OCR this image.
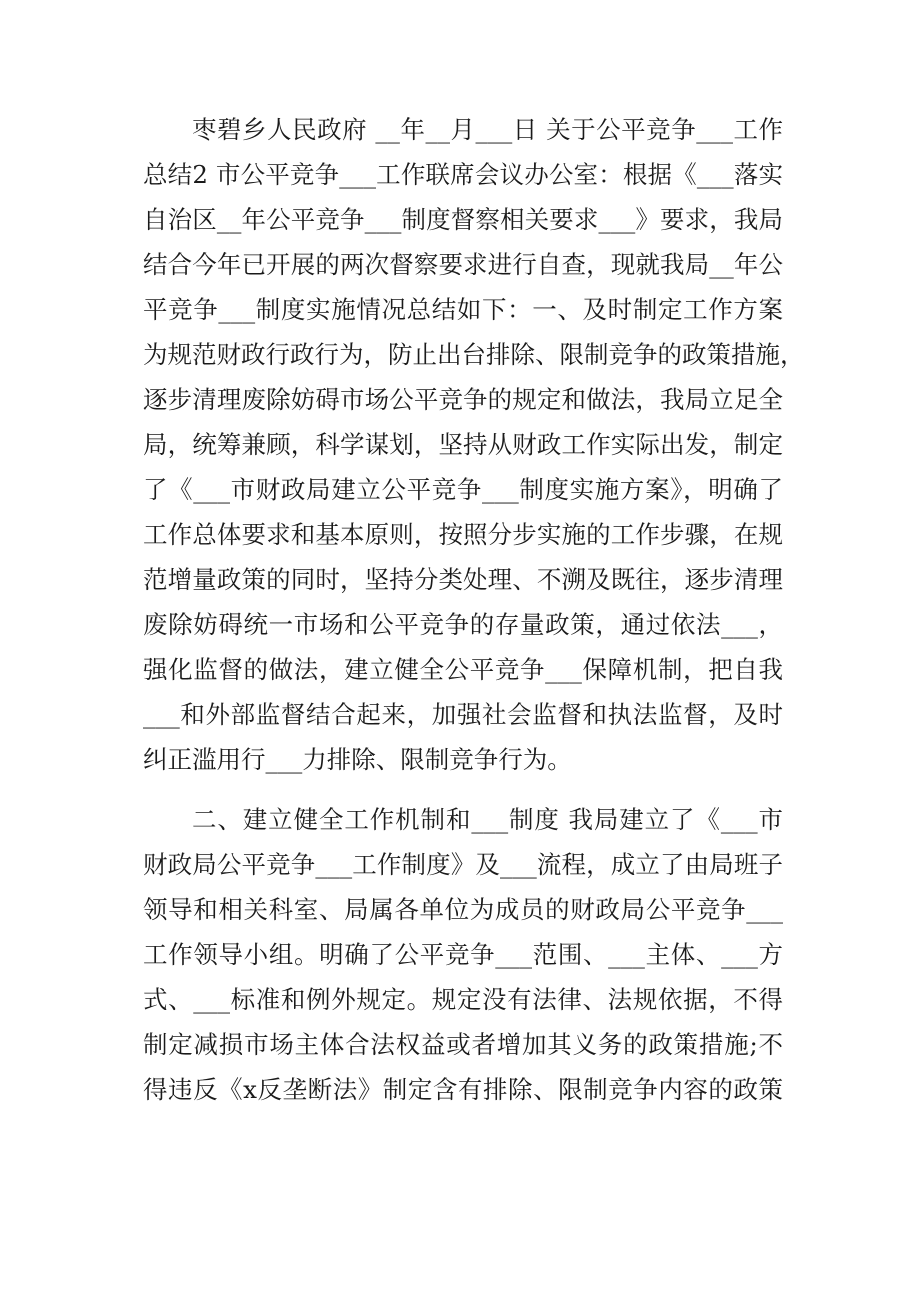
枣碧乡人民政府 __年__月___日 关于公平竞争___工作
总结2 市公平竞争___工作联席会议办公室：根据《___落实
自治区__年公平竞争___制度督察相关要求___》要求，我局
结合今年已开展的两次督察要求进行自查，现就我局__年公
平竞争___制度实施情况总结如下：一、及时制定工作方案
为规范财政行政行为，防止出台排除、限制竞争的政策措施，
逐步清理废除妨碍市场公平竞争的规定和做法，我局立足全
局，统筹兼顾，科学谋划，坚持从财政工作实际出发，制定
了《___市财政局建立公平竞争___制度实施方案》，明确了
工作总体要求和基本原则，按照分步实施的工作步骤，在规
范增量政策的同时，坚持分类处理、不溯及既往，逐步清理
废除妨碍统一市场和公平竞争的存量政策，通过依法___，
强化监督的做法，建立健全公平竞争___保障机制，把自我
___和外部监督结合起来，加强社会监督和执法监督，及时
纠正滥用行___力排除、限制竞争行为。
二、建立健全工作机制和___制度 我局建立了《___市
财政局公平竞争___工作制度》及___流程，成立了由局班子
领导和相关科室、局属各单位为成员的财政局公平竞争___
工作领导小组。明确了公平竞争___范围、___主体、___方
式、___标准和例外规定。规定没有法律、法规依据，不得
制定减损市场主体合法权益或者增加其义务的政策措施;不
得违反《x反垄断法》制定含有排除、限制竞争内容的政策
